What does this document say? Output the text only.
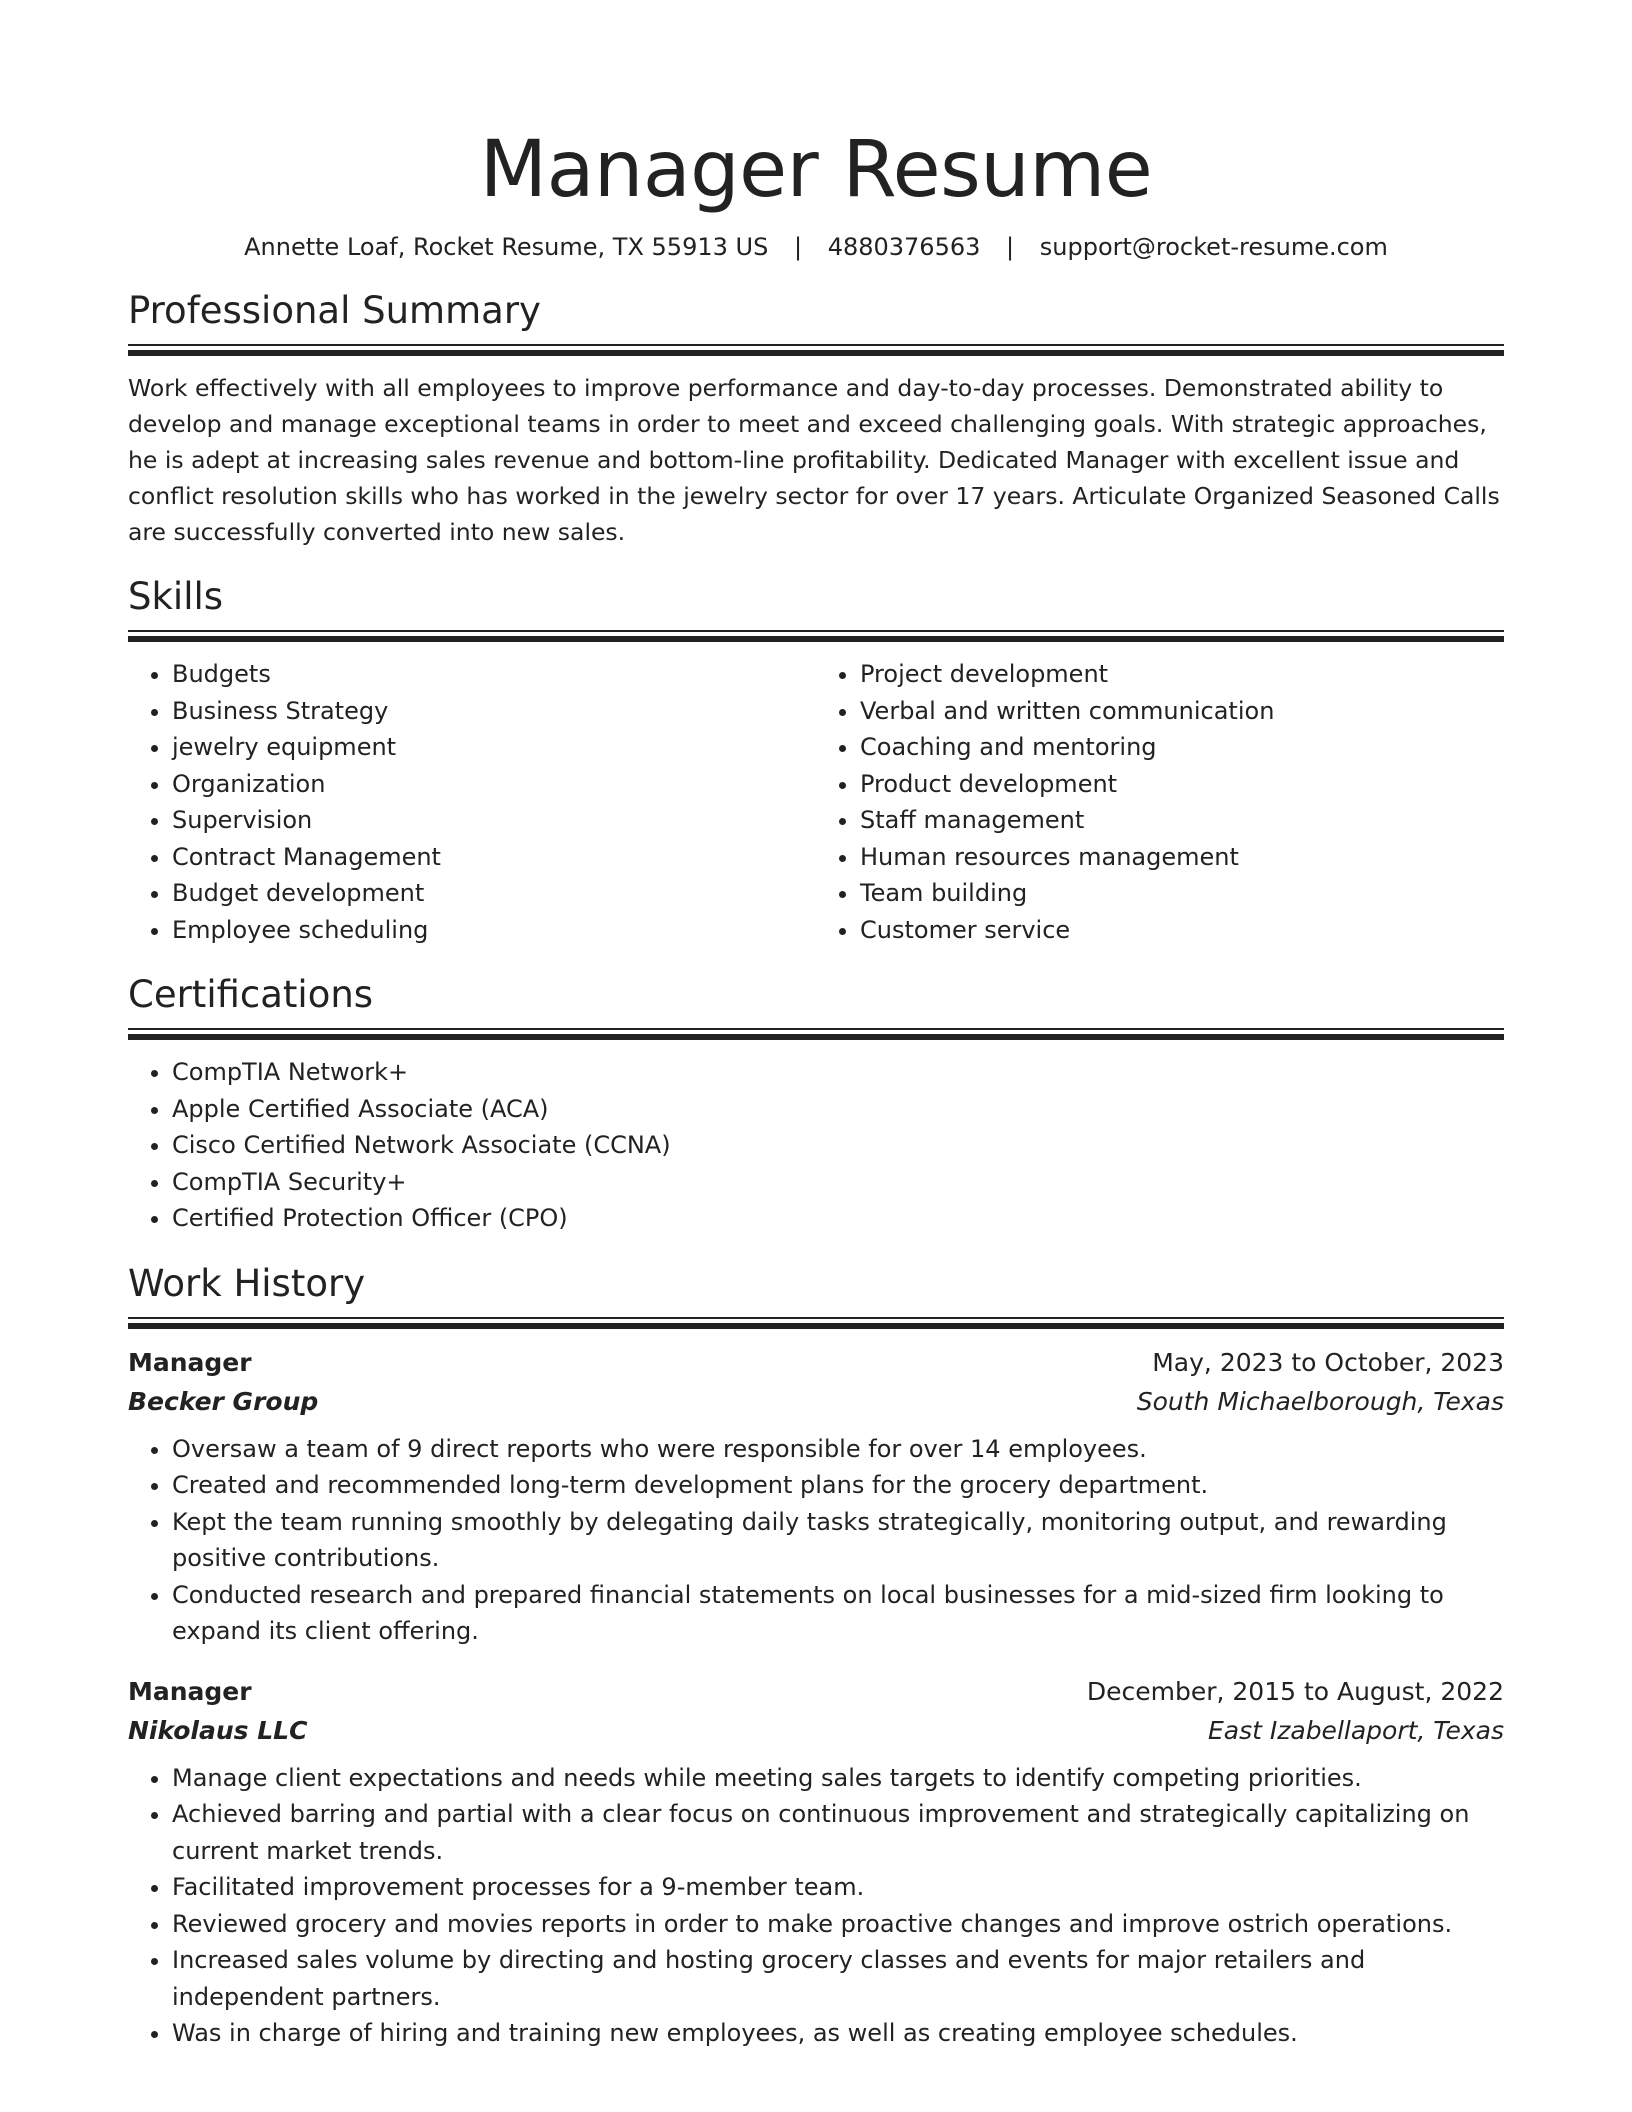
Manager Resume
Annette Loaf, Rocket Resume, TX 55913 US | 4880376563 | support@rocket-resume.com
Professional Summary

Work effectively with all employees to improve performance and day-to-day processes. Demonstrated ability to develop and manage exceptional teams in order to meet and exceed challenging goals. With strategic approaches, he is adept at increasing sales revenue and bottom-line profitability. Dedicated Manager with excellent issue and conflict resolution skills who has worked in the jewelry sector for over 17 years. Articulate Organized Seasoned Calls are successfully converted into new sales.

Skills
• Budgets
• Business Strategy
• jewelry equipment
• Organization
• Supervision
• Contract Management
• Budget development
• Employee scheduling
• Project development
• Verbal and written communication
• Coaching and mentoring
• Product development
• Staff management
• Human resources management
• Team building
• Customer service
Certifications
• CompTIA Network+
• Apple Certified Associate (ACA)
• Cisco Certified Network Associate (CCNA)
• CompTIA Security+
• Certified Protection Officer (CPO)
Work History
Manager	May, 2023 to October, 2023
Becker Group	South Michaelborough, Texas
• Oversaw a team of 9 direct reports who were responsible for over 14 employees.
• Created and recommended long-term development plans for the grocery department.
• Kept the team running smoothly by delegating daily tasks strategically, monitoring output, and rewarding positive contributions.
• Conducted research and prepared financial statements on local businesses for a mid-sized firm looking to expand its client offering.
Manager	December, 2015 to August, 2022
Nikolaus LLC	East Izabellaport, Texas
• Manage client expectations and needs while meeting sales targets to identify competing priorities.
• Achieved barring and partial with a clear focus on continuous improvement and strategically capitalizing on current market trends.
• Facilitated improvement processes for a 9-member team.
• Reviewed grocery and movies reports in order to make proactive changes and improve ostrich operations.
• Increased sales volume by directing and hosting grocery classes and events for major retailers and independent partners.
• Was in charge of hiring and training new employees, as well as creating employee schedules.
